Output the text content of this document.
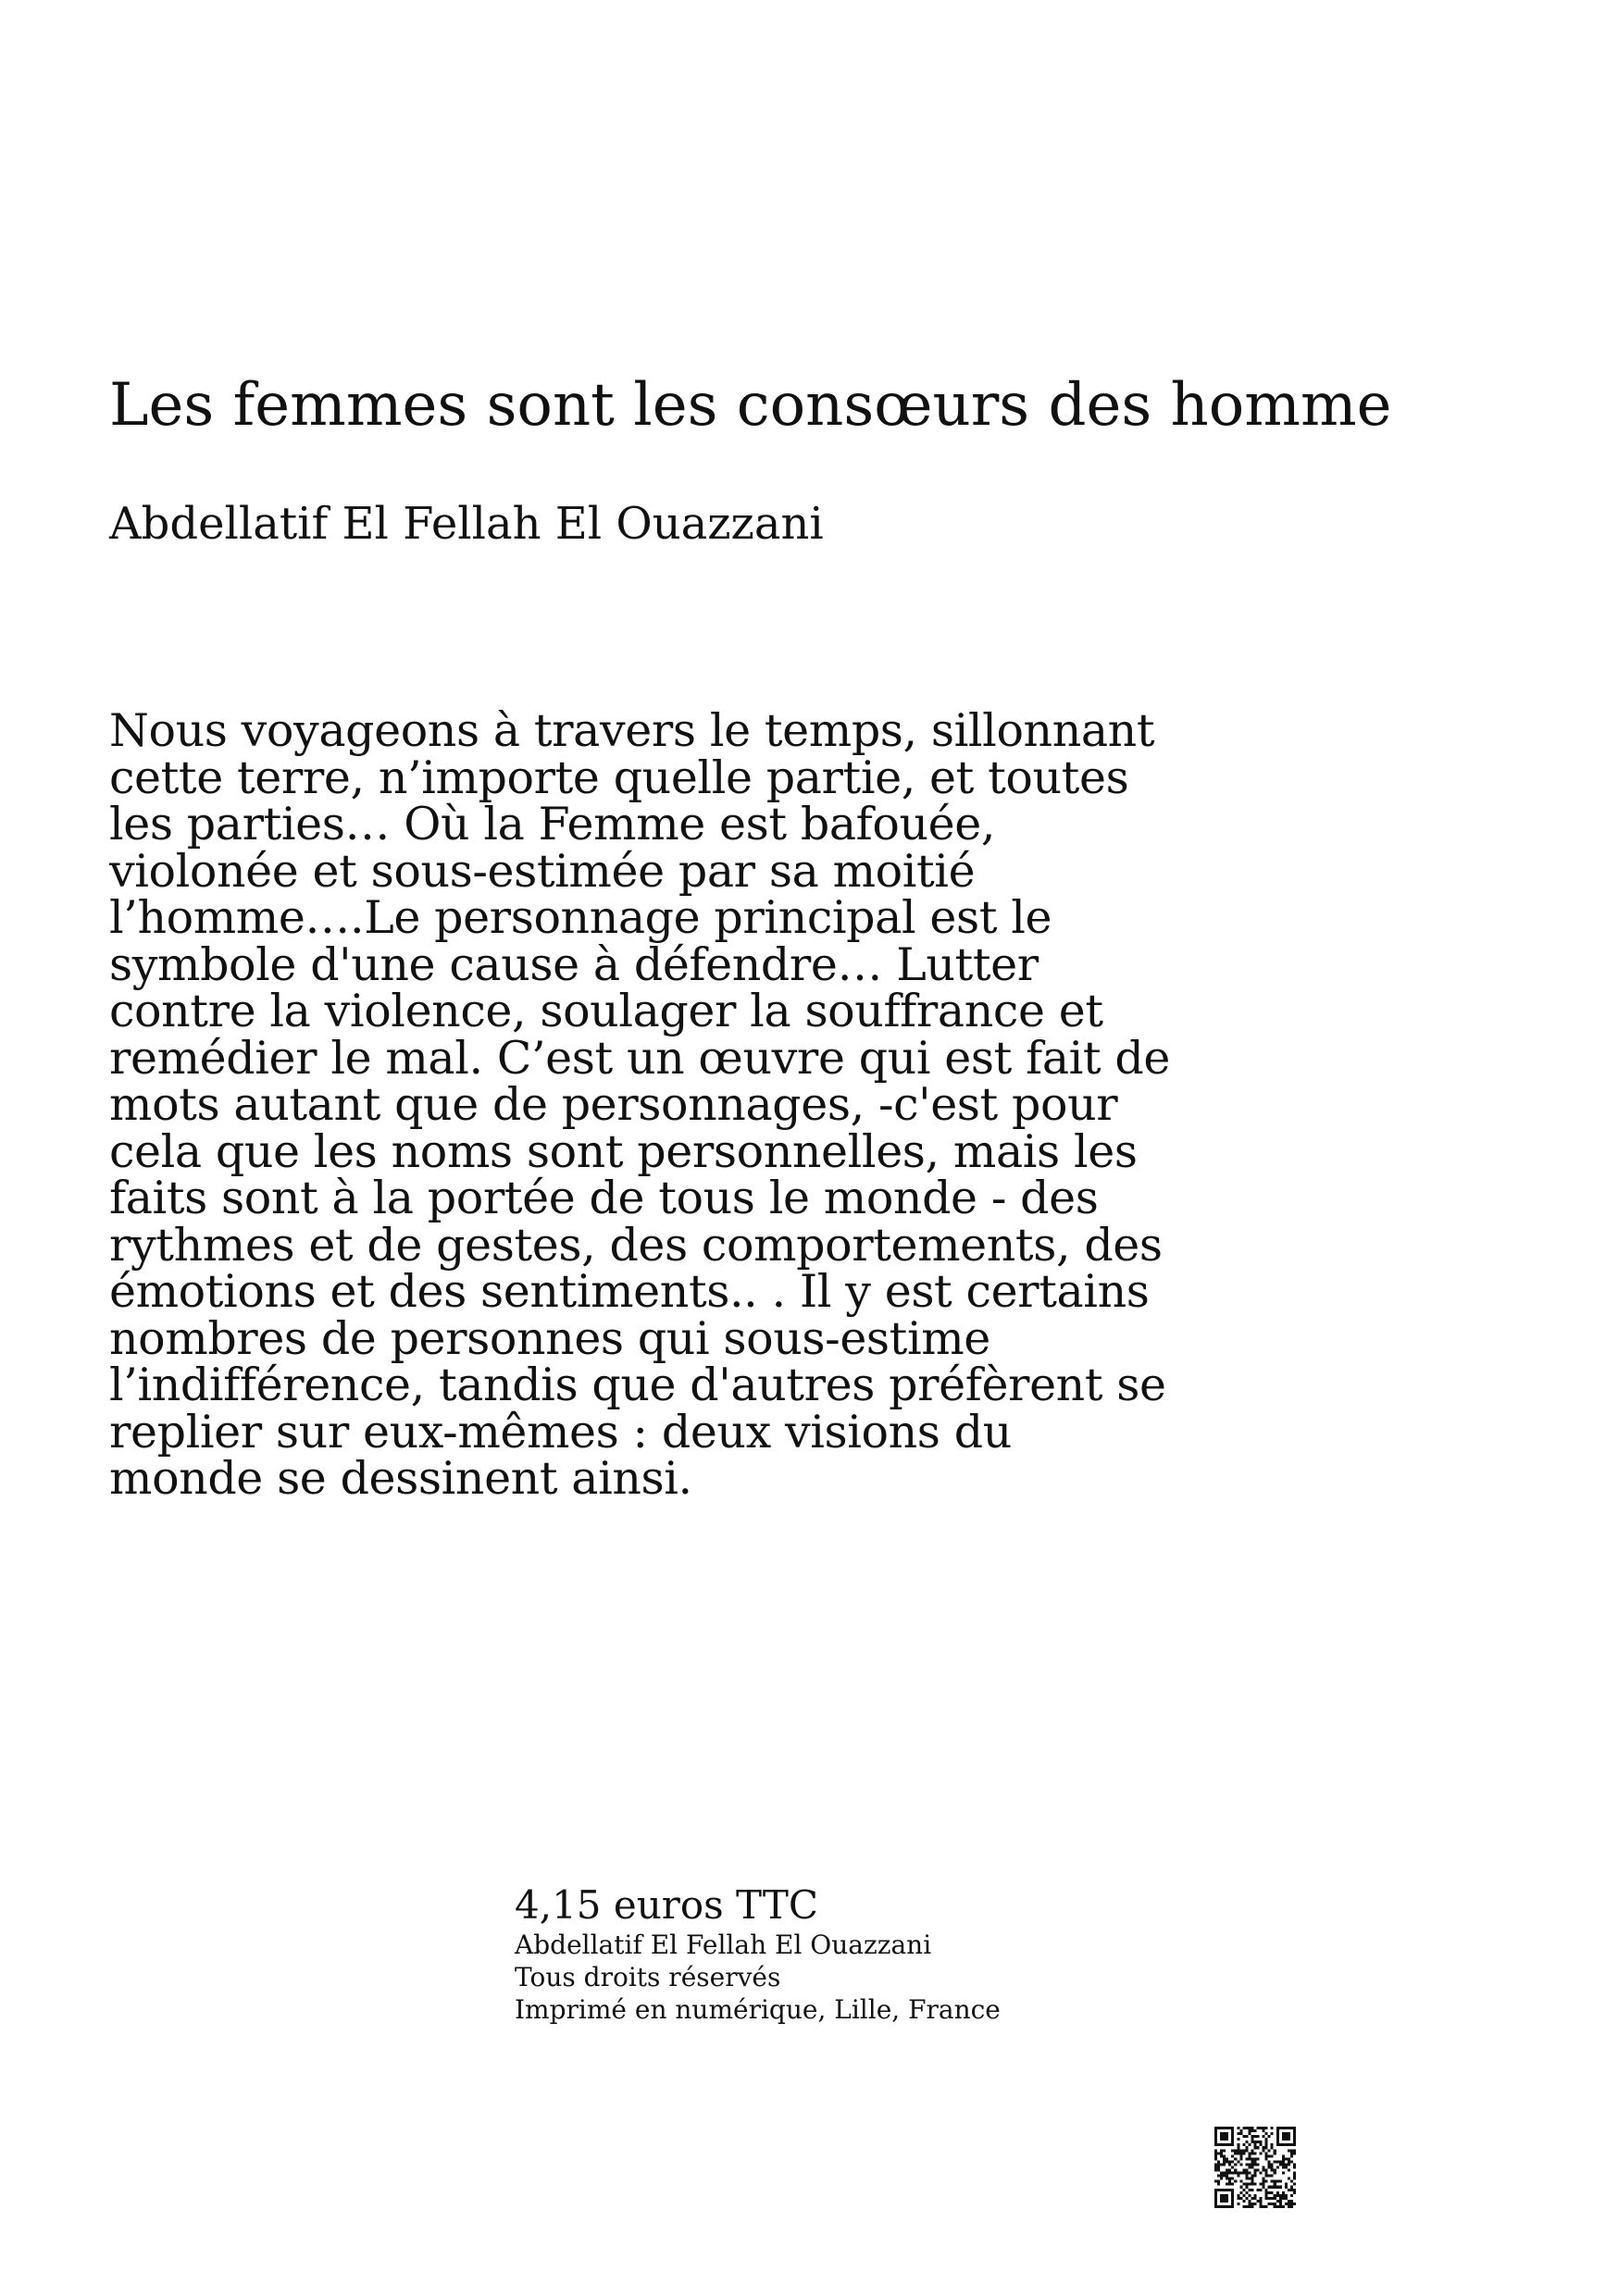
Les femmes sont les consœurs des homme
Abdellatif El Fellah El Ouazzani
Nous voyageons à travers le temps, sillonnant
cette terre, n’importe quelle partie, et toutes
les parties… Où la Femme est bafouée,
violonée et sous-estimée par sa moitié
l’homme….Le personnage principal est le
symbole d'une cause à défendre… Lutter
contre la violence, soulager la souffrance et
remédier le mal. C’est un œuvre qui est fait de
mots autant que de personnages, -c'est pour
cela que les noms sont personnelles, mais les
faits sont à la portée de tous le monde - des
rythmes et de gestes, des comportements, des
émotions et des sentiments.. . Il y est certains
nombres de personnes qui sous-estime
l’indifférence, tandis que d'autres préfèrent se
replier sur eux-mêmes : deux visions du
monde se dessinent ainsi.
4,15 euros TTC
Abdellatif El Fellah El Ouazzani
Tous droits réservés
Imprimé en numérique, Lille, France
